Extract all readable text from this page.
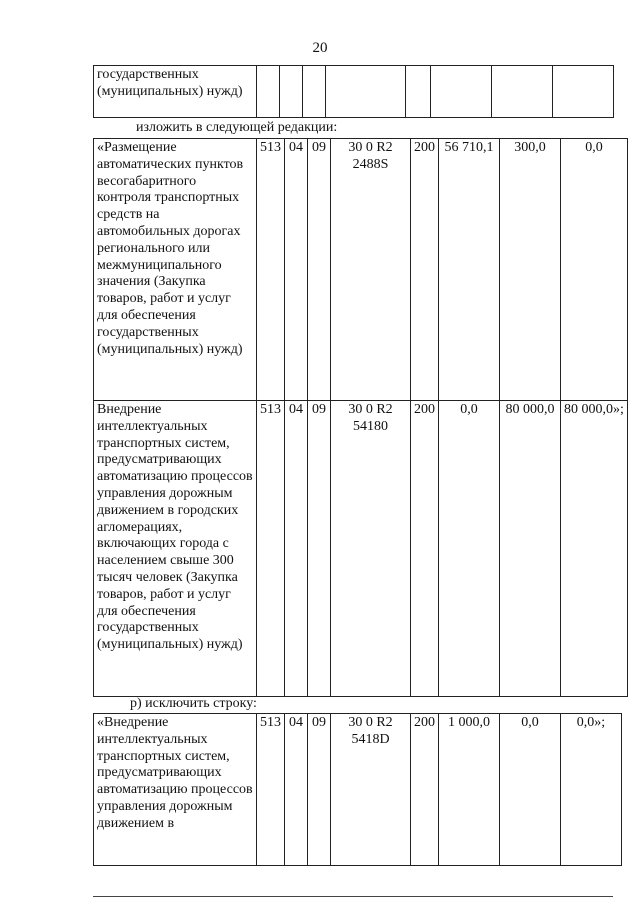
20
государственных (муниципальных) нужд)								
изложить в следующей редакции:
«Размещение автоматических пунктов весогабаритного контроля транспортных средств на автомобильных дорогах регионального или межмуниципального значения (Закупка товаров, работ и услуг для обеспечения государственных (муниципальных) нужд)	513	04	09	30 0 R2 2488S	200	56 710,1	300,0	0,0
Внедрение интеллектуальных транспортных систем, предусматривающих автоматизацию процессов управления дорожным движением в городских агломерациях, включающих города с населением свыше 300 тысяч человек (Закупка товаров, работ и услуг для обеспечения государственных (муниципальных) нужд)	513	04	09	30 0 R2 54180	200	0,0	80 000,0	80 000,0»;
р) исключить строку:
«Внедрение интеллектуальных транспортных систем, предусматривающих автоматизацию процессов управления дорожным движением в	513	04	09	30 0 R2 5418D	200	1 000,0	0,0	0,0»;
